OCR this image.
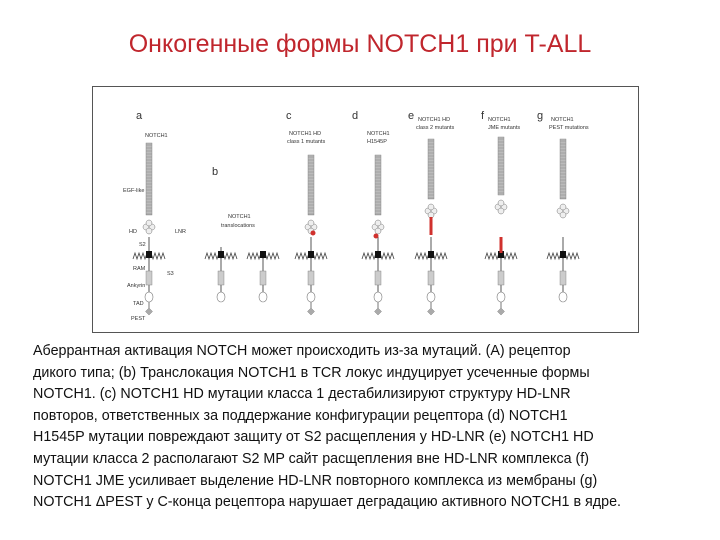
Онкогенные формы NOTCH1 при T-ALL
a
b
c	d	e	f	g
NOTCH1
NOTCH1
translocations
NOTCH1 HD
class 1 mutants
NOTCH1
H1545P
NOTCH1 HD
class 2 mutants
NOTCH1
JME mutants
NOTCH1
PEST mutations
EGF-like
HD	LNR
S2
RAM
S3
Ankyrin
TAD
PEST
Аберрантная активация NOTCH может происходить из-за мутаций. (A) рецептор
дикого типа; (b) Транслокация NOTCH1 в TCR локус индуцирует усеченные формы
NOTCH1. (c) NOTCH1 HD мутации класса 1 дестабилизируют структуру HD-LNR
повторов, ответственных за поддержание конфигурации рецептора (d) NOTCH1
H1545P мутации повреждают защиту от S2 расщепления у HD-LNR (e) NOTCH1 HD
мутации класса 2 располагают S2 MP сайт расщепления вне HD-LNR комплекса (f)
NOTCH1 JME усиливает выделение HD-LNR повторного комплекса из мембраны (g)
NOTCH1 ΔPEST у C-конца рецептора нарушает деградацию активного NOTCH1 в ядре.
